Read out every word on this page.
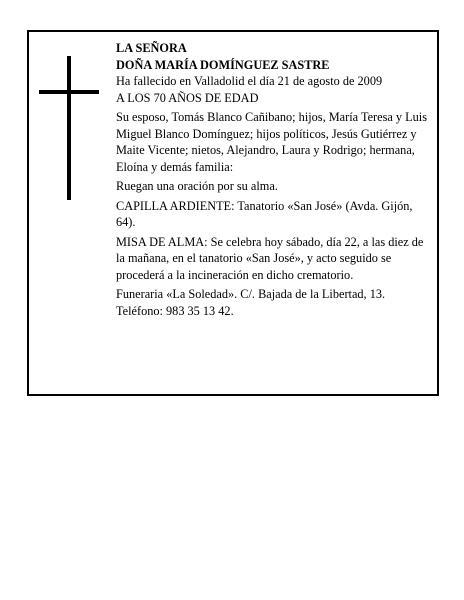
LA SEÑORA

DOÑA MARÍA DOMÍNGUEZ SASTRE

Ha fallecido en Valladolid el día 21 de agosto de 2009

A LOS 70 AÑOS DE EDAD

Su esposo, Tomás Blanco Cañibano; hijos, María Teresa y Luis Miguel Blanco Domínguez; hijos políticos, Jesús Gutiérrez y Maite Vicente; nietos, Alejandro, Laura y Rodrigo; hermana, Eloína y demás familia:

Ruegan una oración por su alma.

CAPILLA ARDIENTE: Tanatorio «San José» (Avda. Gijón, 64).

MISA DE ALMA: Se celebra hoy sábado, día 22, a las diez de la mañana, en el tanatorio «San José», y acto seguido se procederá a la incineración en dicho crematorio.

Funeraria «La Soledad». C/. Bajada de la Libertad, 13. Teléfono: 983 35 13 42.
